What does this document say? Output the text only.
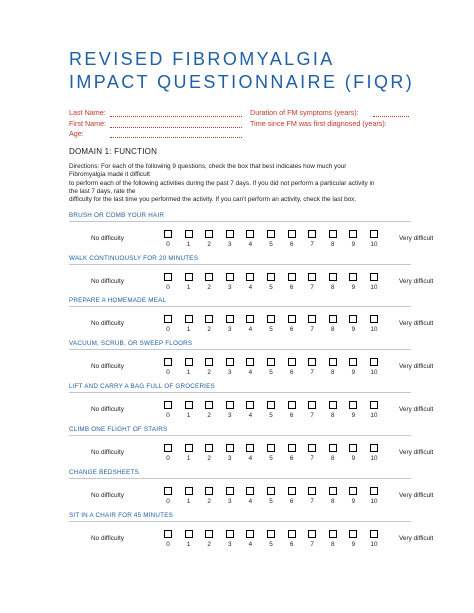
REVISED FIBROMYALGIA
IMPACT QUESTIONNAIRE (FIQR)
Last Name:
First Name:
Age:
Duration of FM symptoms (years):
Time since FM was first diagnosed (years):
DOMAIN 1: FUNCTION
Directions: For each of the following 9 questions, check the box that best indicates how much your
Fibromyalgia made it difficult
to perform each of the following activities during the past 7 days. If you did not perform a particular activity in
the last 7 days, rate the
difficulty for the last time you performed the activity. If you can't perform an activity, check the last box.
BRUSH OR COMB YOUR HAIR
No difficulty
0	1	2	3	4	5	6	7	8	9	10
Very difficult
WALK CONTINUOUSLY FOR 20 MINUTES
No difficulty
0	1	2	3	4	5	6	7	8	9	10
Very difficult
PREPARE A HOMEMADE MEAL
No difficulty
0	1	2	3	4	5	6	7	8	9	10
Very difficult
VACUUM, SCRUB, OR SWEEP FLOORS
No difficulty
0	1	2	3	4	5	6	7	8	9	10
Very difficult
LIFT AND CARRY A BAG FULL OF GROCERIES
No difficulty
0	1	2	3	4	5	6	7	8	9	10
Very difficult
CLIMB ONE FLIGHT OF STAIRS
No difficulty
0	1	2	3	4	5	6	7	8	9	10
Very difficult
CHANGE BEDSHEETS
No difficulty
0	1	2	3	4	5	6	7	8	9	10
Very difficult
SIT IN A CHAIR FOR 45 MINUTES
No difficulty
0	1	2	3	4	5	6	7	8	9	10
Very difficult
